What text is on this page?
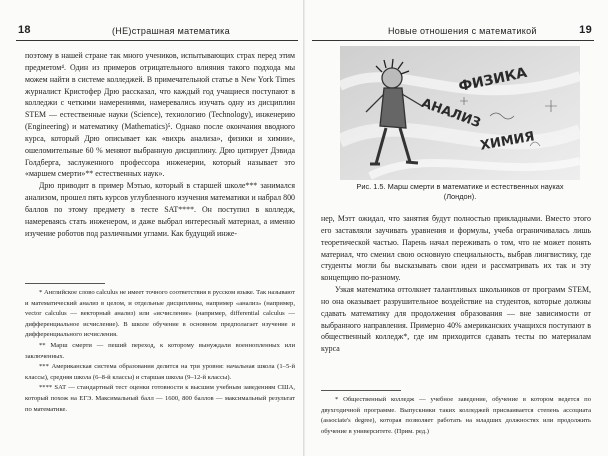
18	(НЕ)страшная математика

поэтому в нашей стране так много учеников, испытывающих страх перед этим предметом⁴. Один из примеров отрицательного влияния такого подхода мы можем найти в системе колледжей. В примечательной статье в New York Times журналист Кристофер Дрю рассказал, что каждый год учащиеся поступают в колледжи с четкими намерениями, намеревались изучать одну из дисциплин STEM — естественные науки (Science), технологию (Technology), инженерию (Engineering) и математику (Mathematics)⁵. Однако после окончания вводного курса, который Дрю описывает как «вихрь анализа», физики и химии», ошеломительные 60 % меняют выбранную дисциплину. Дрю цитирует Дэвида Голдберга, заслуженного профессора инженерии, который называет это «маршем смерти»** естественных наук».

Дрю приводит в пример Мэтью, который в старшей школе*** занимался анализом, прошел пять курсов углубленного изучения математики и набрал 800 баллов по этому предмету в тесте SAT****. Он поступил в колледж, намереваясь стать инженером, и даже выбрал интересный материал, а именно изучение роботов под различными углами. Как будущий инже-

* Английское слово calculus не имеет точного соответствия в русском языке. Так называют и математический анализ в целом, и отдельные дисциплины, например «анализ» (например, vector calculus — векторный анализ) или «исчисление» (например, differential calculus — дифференциальное исчисление). В школе обучение в основном предполагает изучение и дифференциального исчисления.

** Марш смерти — пеший переход, к которому вынуждали военнопленных или заключенных.

*** Американская система образования делится на три уровня: начальная школа (1–5-й классы), средняя школа (6–8-й классы) и старшая школа (9–12-й классы).

**** SAT — стандартный тест оценки готовности к высшим учебным заведениям США, который похож на ЕГЭ. Максимальный балл — 1600, 800 баллов — максимальный результат по математике.

Новые отношения с математикой	19
ФИЗИКА
АНАЛИЗ
ХИМИЯ
Рис. 1.5. Марш смерти в математике и естественных науках (Лондон).

нер, Мэтт ожидал, что занятия будут полностью прикладными. Вместо этого его заставляли заучивать уравнения и формулы, учеба ограничивалась лишь теоретической частью. Парень начал переживать о том, что не может понять материал, что сменил свою основную специальность, выбрав лингвистику, где студенты могли бы высказывать свои идеи и рассматривать их так и эту концепцию по-разному.

Узкая математика оттолкнет талантливых школьников от программ STEM, но она оказывает разрушительное воздействие на студентов, которые должны сдавать математику для продолжения образования — вне зависимости от выбранного направления. Примерно 40% американских учащихся поступают в общественный колледж*, где им приходится сдавать тесты по материалам курса

* Общественный колледж — учебное заведение, обучение в котором ведется по двухгодичной программе. Выпускники таких колледжей присваивается степень ассоциата (associate's degree), которая позволяет работать на младших должностях или продолжить обучение в университете. (Прим. ред.)
